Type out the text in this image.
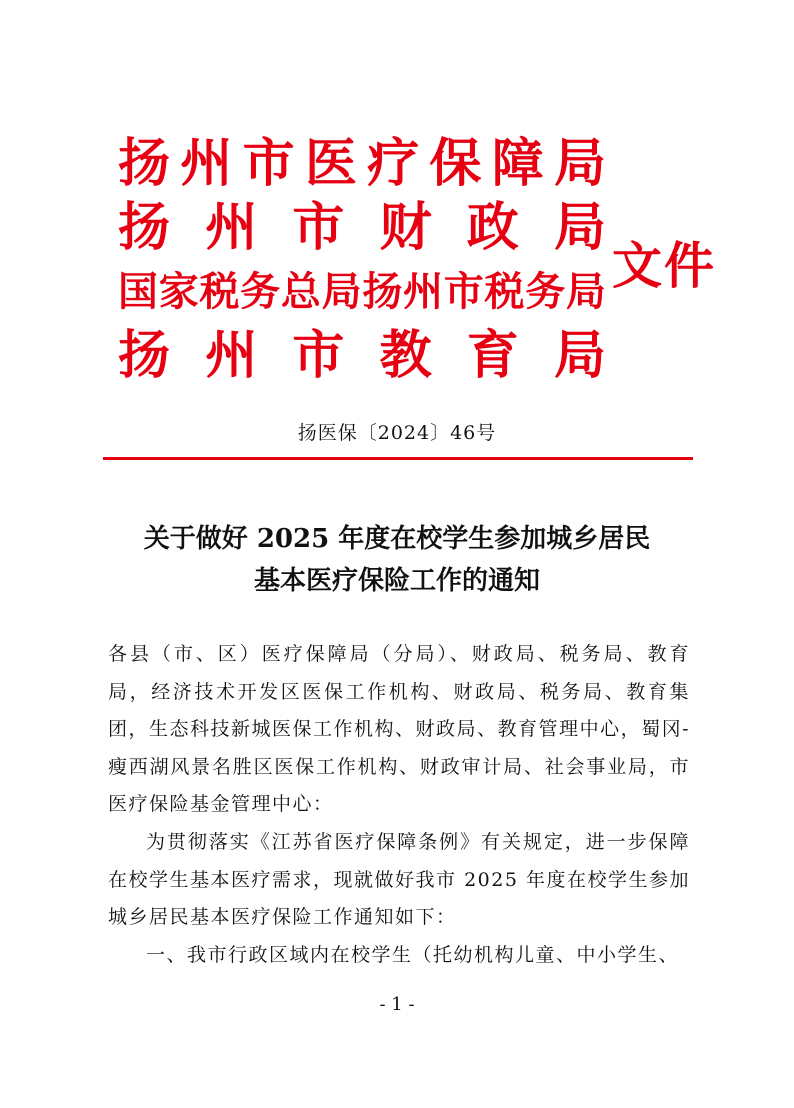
扬 州 市 医 疗 保 障 局
扬 州 市 财 政 局
国 家 税 务 总 局 扬 州 市 税 务 局
扬 州 市 教 育 局
文件
扬医保〔2024〕46号
关于做好 2025 年度在校学生参加城乡居民
基本医疗保险工作的通知

各县（市、区）医疗保障局（分局）、财政局、税务局、教育局，经济技术开发区医保工作机构、财政局、税务局、教育集团，生态科技新城医保工作机构、财政局、教育管理中心，蜀冈-瘦西湖风景名胜区医保工作机构、财政审计局、社会事业局，市医疗保险基金管理中心：

为贯彻落实《江苏省医疗保障条例》有关规定，进一步保障在校学生基本医疗需求，现就做好我市 2025 年度在校学生参加城乡居民基本医疗保险工作通知如下：

一、我市行政区域内在校学生（托幼机构儿童、中小学生、

- 1 -
